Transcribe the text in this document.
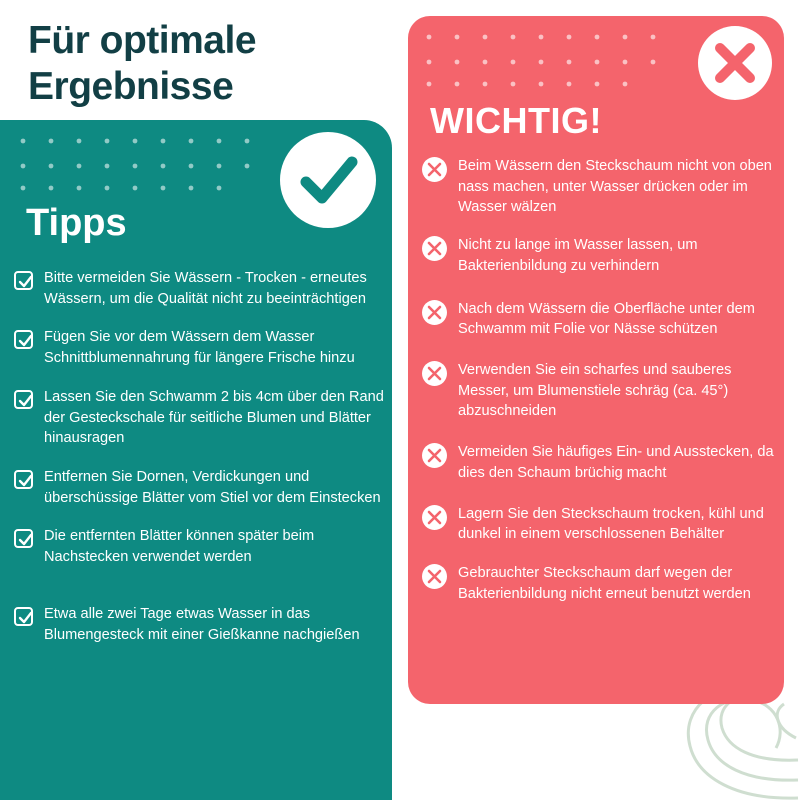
Für optimale Ergebnisse
Tipps
Bitte vermeiden Sie Wässern - Trocken - erneutes Wässern, um die Qualität nicht zu beeinträchtigen
Fügen Sie vor dem Wässern dem Wasser Schnittblumennahrung für längere Frische hinzu
Lassen Sie den Schwamm 2 bis 4cm über den Rand der Gesteckschale für seitliche Blumen und Blätter hinausragen
Entfernen Sie Dornen, Verdickungen und überschüssige Blätter vom Stiel vor dem Einstecken
Die entfernten Blätter können später beim Nachstecken verwendet werden
Etwa alle zwei Tage etwas Wasser in das Blumengesteck mit einer Gießkanne nachgießen
WICHTIG!
Beim Wässern den Steckschaum nicht von oben nass machen, unter Wasser drücken oder im Wasser wälzen
Nicht zu lange im Wasser lassen, um Bakterienbildung zu verhindern
Nach dem Wässern die Oberfläche unter dem Schwamm mit Folie vor Nässe schützen
Verwenden Sie ein scharfes und sauberes Messer, um Blumenstiele schräg (ca. 45°) abzuschneiden
Vermeiden Sie häufiges Ein- und Ausstecken, da dies den Schaum brüchig macht
Lagern Sie den Steckschaum trocken, kühl und dunkel in einem verschlossenen Behälter
Gebrauchter Steckschaum darf wegen der Bakterienbildung nicht erneut benutzt werden
